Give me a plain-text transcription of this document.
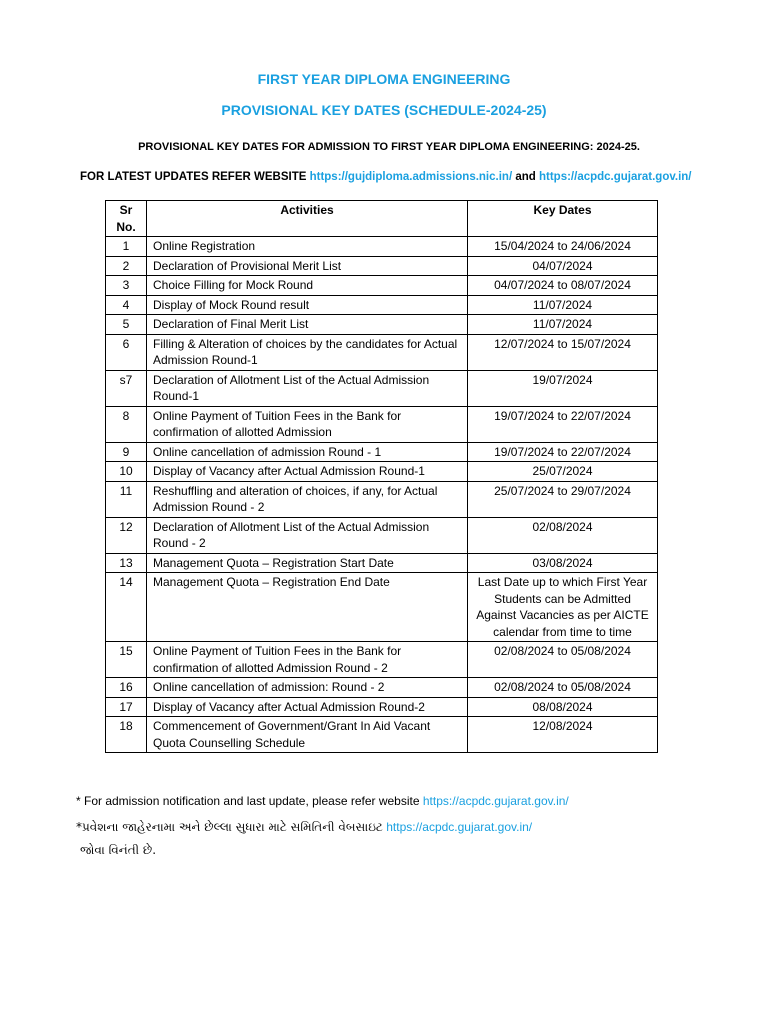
FIRST YEAR DIPLOMA ENGINEERING
PROVISIONAL KEY DATES (SCHEDULE-2024-25)
PROVISIONAL KEY DATES FOR ADMISSION TO FIRST YEAR DIPLOMA ENGINEERING: 2024-25.
FOR LATEST UPDATES REFER WEBSITE https://gujdiploma.admissions.nic.in/ and https://acpdc.gujarat.gov.in/
Sr
No.	Activities	Key Dates
1	Online Registration	15/04/2024 to 24/06/2024
2	Declaration of Provisional Merit List	04/07/2024
3	Choice Filling for Mock Round	04/07/2024 to 08/07/2024
4	Display of Mock Round result	11/07/2024
5	Declaration of Final Merit List	11/07/2024
6	Filling & Alteration of choices by the candidates for Actual Admission Round-1	12/07/2024 to 15/07/2024
s7	Declaration of Allotment List of the Actual Admission Round-1	19/07/2024
8	Online Payment of Tuition Fees in the Bank for confirmation of allotted Admission	19/07/2024 to 22/07/2024
9	Online cancellation of admission Round - 1	19/07/2024 to 22/07/2024
10	Display of Vacancy after Actual Admission Round-1	25/07/2024
11	Reshuffling and alteration of choices, if any, for Actual Admission Round - 2	25/07/2024 to 29/07/2024
12	Declaration of Allotment List of the Actual Admission Round - 2	02/08/2024
13	Management Quota – Registration Start Date	03/08/2024
14	Management Quota – Registration End Date	Last Date up to which First Year Students can be Admitted Against Vacancies as per AICTE calendar from time to time
15	Online Payment of Tuition Fees in the Bank for confirmation of allotted Admission Round - 2	02/08/2024 to 05/08/2024
16	Online cancellation of admission: Round - 2	02/08/2024 to 05/08/2024
17	Display of Vacancy after Actual Admission Round-2	08/08/2024
18	Commencement of Government/Grant In Aid Vacant Quota Counselling Schedule	12/08/2024
* For admission notification and last update, please refer website https://acpdc.gujarat.gov.in/
*પ્રવેશના જાહેરનામા અને છેલ્લા સુધારા માટે સમિતિની વેબસાઇટ https://acpdc.gujarat.gov.in/
જોવા વિનંતી છે.
